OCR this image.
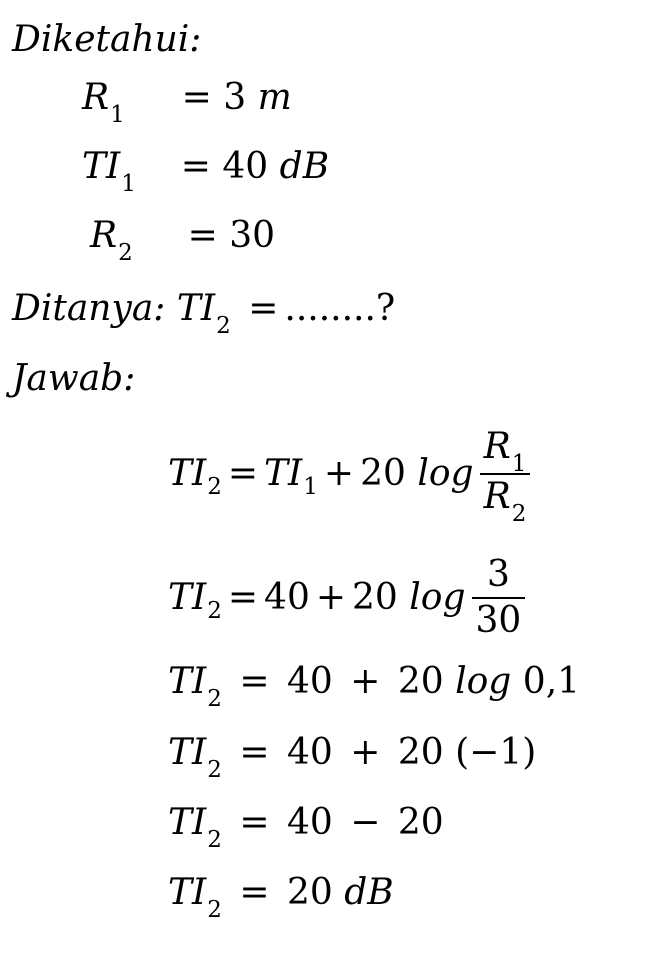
Diketahui:
$R_1 = 3$ m
$TI_1 = 40$ dB
$R_2 = 30$
Ditanya: $TI_2$ = ........?
Jawab:
TI 2 = TI 1 + 20
$\log \frac{R_1}{R_2}$
TI 2 = 40 + 20
$\log \frac{3}{30}$
$TI_2 = 40 + 20$ log 0,1
$TI_2 = 40 + 20$ (−1)
$TI_2 = 40 - 20$
$TI_2 = 20$ dB
